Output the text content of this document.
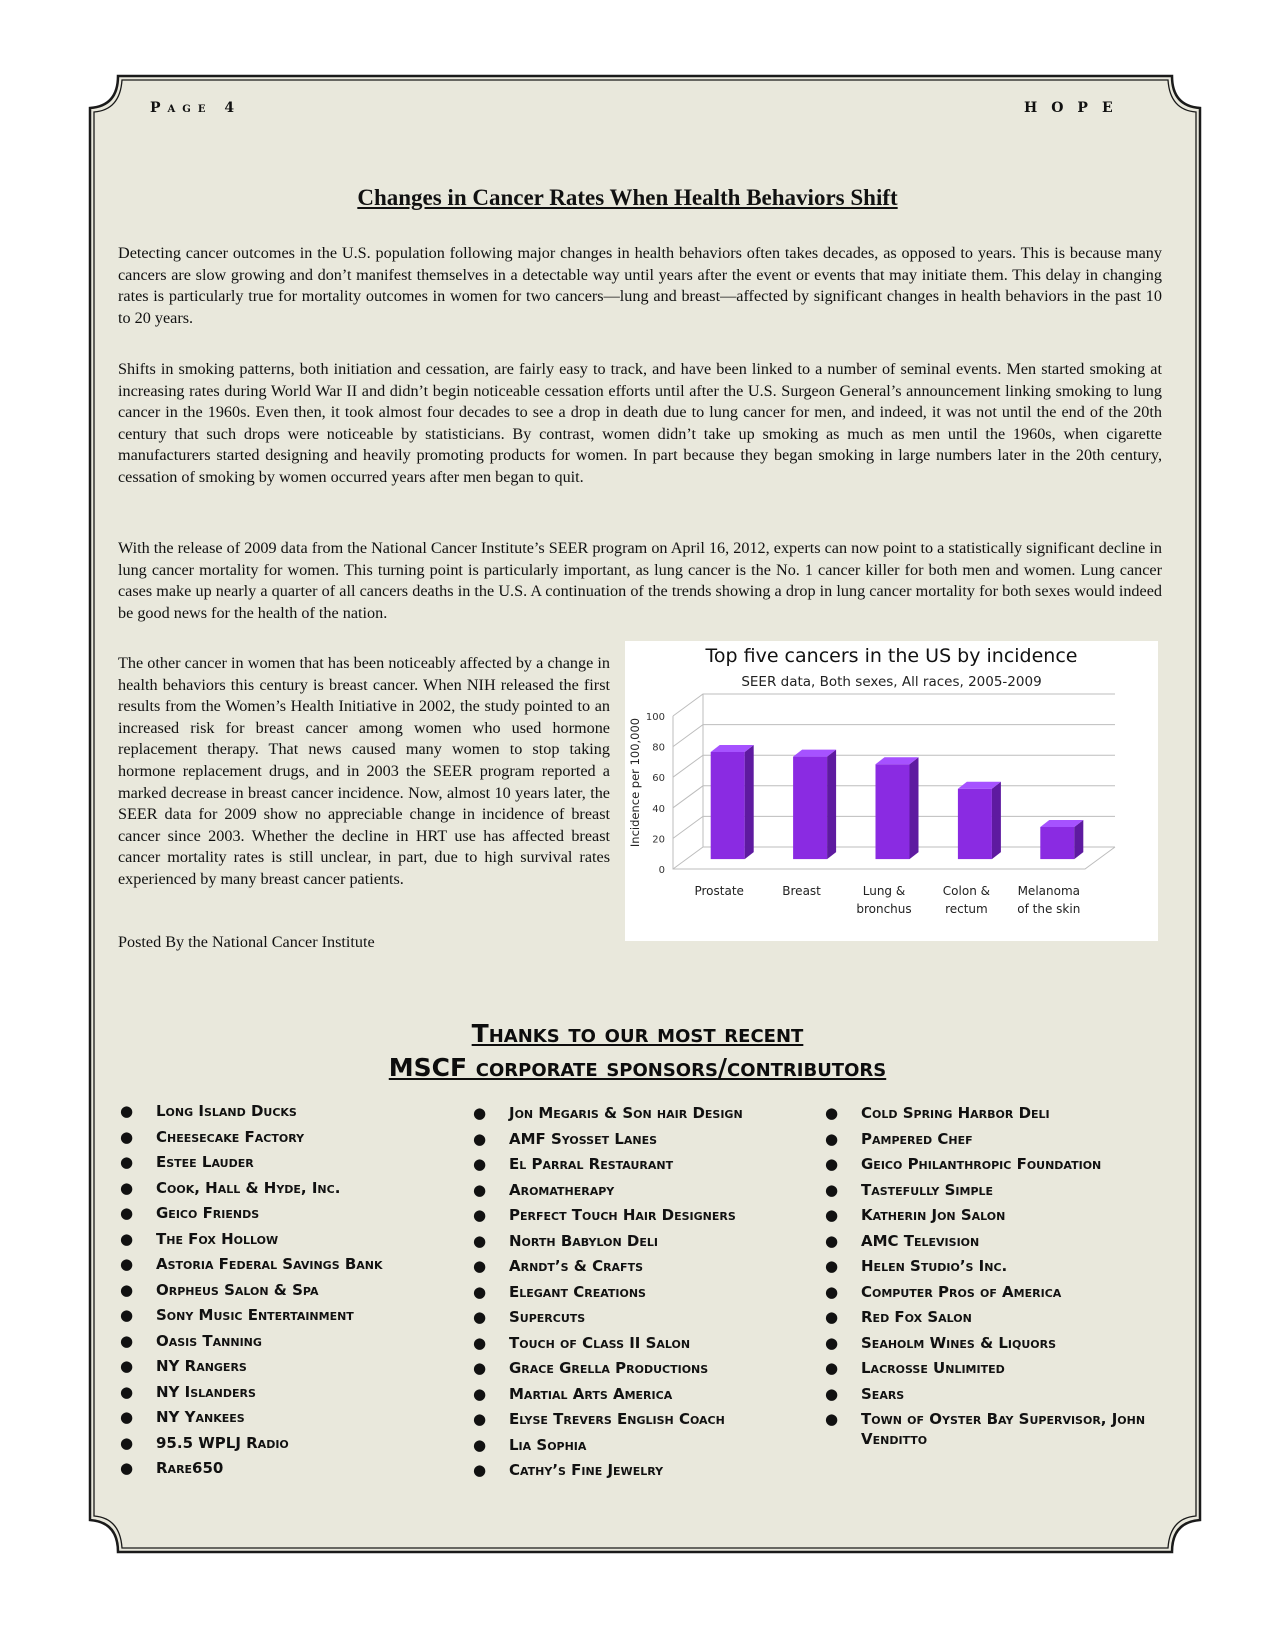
Page 4	HOPE
Changes in Cancer Rates When Health Behaviors Shift

Detecting cancer outcomes in the U.S. population following major changes in health behaviors often takes decades, as opposed to years. This is because many cancers are slow growing and don’t manifest themselves in a detectable way until years after the event or events that may initiate them. This delay in changing rates is particularly true for mortality outcomes in women for two cancers—lung and breast—affected by significant changes in health behaviors in the past 10 to 20 years.

Shifts in smoking patterns, both initiation and cessation, are fairly easy to track, and have been linked to a number of seminal events. Men started smoking at increasing rates during World War II and didn’t begin noticeable cessation efforts until after the U.S. Surgeon General’s announcement linking smoking to lung cancer in the 1960s. Even then, it took almost four decades to see a drop in death due to lung cancer for men, and indeed, it was not until the end of the 20th century that such drops were noticeable by statisticians. By contrast, women didn’t take up smoking as much as men until the 1960s, when cigarette manufacturers started designing and heavily promoting products for women. In part because they began smoking in large numbers later in the 20th century, cessation of smoking by women occurred years after men began to quit.

With the release of 2009 data from the National Cancer Institute’s SEER program on April 16, 2012, experts can now point to a statistically significant decline in lung cancer mortality for women. This turning point is particularly important, as lung cancer is the No. 1 cancer killer for both men and women. Lung cancer cases make up nearly a quarter of all cancers deaths in the U.S. A continuation of the trends showing a drop in lung cancer mortality for both sexes would indeed be good news for the health of the nation.

The other cancer in women that has been noticeably affected by a change in health behaviors this century is breast cancer. When NIH released the first results from the Women’s Health Initiative in 2002, the study pointed to an increased risk for breast cancer among women who used hormone replacement therapy. That news caused many women to stop taking hormone replacement drugs, and in 2003 the SEER program reported a marked decrease in breast cancer incidence. Now, almost 10 years later, the SEER data for 2009 show no appreciable change in incidence of breast cancer since 2003. Whether the decline in HRT use has affected breast cancer mortality rates is still unclear, in part, due to high survival rates experienced by many breast cancer patients.

Posted By the National Cancer Institute

Top five cancers in the US by incidence
SEER data, Both sexes, All races, 2005-2009
0
20
40
60
80
100
Incidence per 100,000
Prostate	Breast	Lung &
bronchus
Colon &
rectum
Melanoma
of the skin
Thanks to our most recent
MSCF corporate sponsors/contributors
● Long Island Ducks
● Cheesecake Factory
● Estee Lauder
● Cook, Hall & Hyde, Inc.
● Geico Friends
● The Fox Hollow
● Astoria Federal Savings Bank
● Orpheus Salon & Spa
● Sony Music Entertainment
● Oasis Tanning
● NY Rangers
● NY Islanders
● NY Yankees
● 95.5 WPLJ Radio
● Rare650
● Jon Megaris & Son hair Design
● AMF Syosset Lanes
● El Parral Restaurant
● Aromatherapy
● Perfect Touch Hair Designers
● North Babylon Deli
● Arndt’s & Crafts
● Elegant Creations
● Supercuts
● Touch of Class II Salon
● Grace Grella Productions
● Martial Arts America
● Elyse Trevers English Coach
● Lia Sophia
● Cathy’s Fine Jewelry
● Cold Spring Harbor Deli
● Pampered Chef
● Geico Philanthropic Foundation
● Tastefully Simple
● Katherin Jon Salon
● AMC Television
● Helen Studio’s Inc.
● Computer Pros of America
● Red Fox Salon
● Seaholm Wines & Liquors
● Lacrosse Unlimited
● Sears
● Town of Oyster Bay Supervisor, John Venditto
